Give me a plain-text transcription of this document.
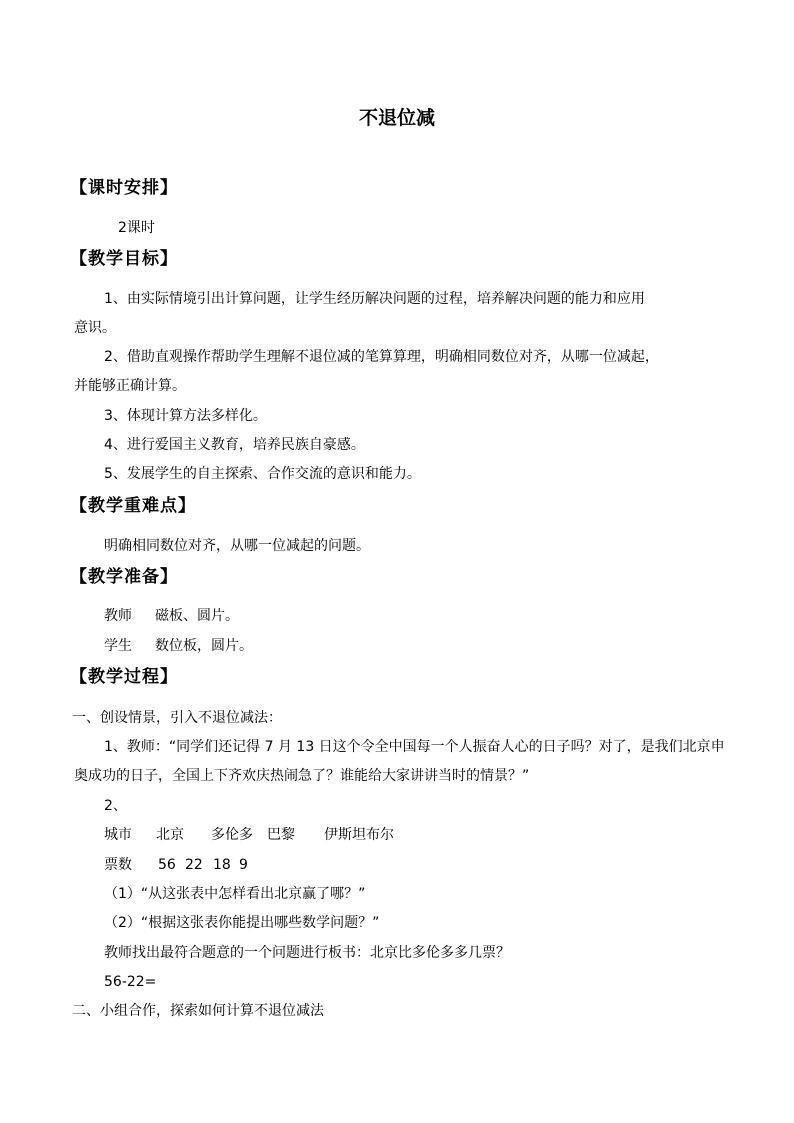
不退位减
【课时安排】
2课时
【教学目标】
1、由实际情境引出计算问题，让学生经历解决问题的过程，培养解决问题的能力和应用
意识。
2、借助直观操作帮助学生理解不退位减的笔算算理，明确相同数位对齐，从哪一位减起，
并能够正确计算。
3、体现计算方法多样化。
4、进行爱国主义教育，培养民族自豪感。
5、发展学生的自主探索、合作交流的意识和能力。
【教学重难点】
明确相同数位对齐，从哪一位减起的问题。
【教学准备】
教师 磁板、圆片。
学生 数位板，圆片。
【教学过程】
一、创设情景，引入不退位减法：
1、教师：“同学们还记得 7 月 13 日这个令全中国每一个人振奋人心的日子吗？对了，是我们北京申
奥成功的日子，全国上下齐欢庆热闹急了？谁能给大家讲讲当时的情景？”
2、
城市 北京 多伦多 巴黎 伊斯坦布尔
票数 56 22 18 9
（1）“从这张表中怎样看出北京赢了哪？”
（2）“根据这张表你能提出哪些数学问题？”
教师找出最符合题意的一个问题进行板书：北京比多伦多多几票？
56-22=
二、小组合作，探索如何计算不退位减法
